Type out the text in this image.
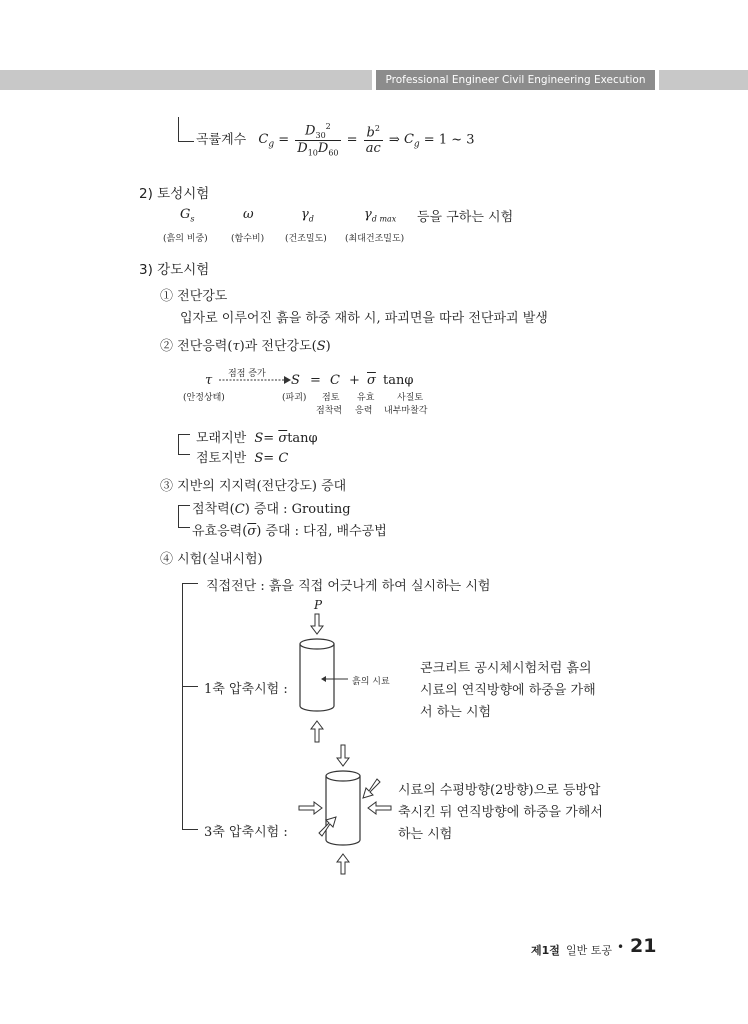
Professional Engineer Civil Engineering Execution
곡률계수 $C_g = \frac{D_{30}^2}{D_{10}D_{60}} = \frac{b^2}{ac}$ ⇒ $C_g = 1$ ~ 3
2) 토성시험
$G_s$	ω	$\gamma_d$	$\gamma_{d max}$ 등을 구하는 시험
(흙의 비중)	(함수비) (건조밀도) (최대건조밀도)
3) 강도시험
① 전단강도
입자로 이루어진 흙을 하중 재하 시, 파괴면을 따라 전단파괴 발생
② 전단응력(τ)과 전단강도(S)
τ 점점 증가 $S = C + \overline{\sigma}$ tanφ
(안정상태)	(파괴) 점토 유효	사질토
점착력 응력 내부마찰각
모래지반 $S= \overline{\sigma}\tan\varphi$
점토지반 S= C
③ 지반의 지지력(전단강도) 증대
점착력(C) 증대 : Grouting
유효응력$(\overline{\sigma})$ 증대 : 다짐, 배수공법
④ 시험(실내시험)
직접전단 : 흙을 직접 어긋나게 하여 실시하는 시험
P
1축 압축시험 :	흙의 시료
콘크리트 공시체시험처럼 흙의
시료의 연직방향에 하중을 가해
서 하는 시험
3축 압축시험 :
시료의 수평방향(2방향)으로 등방압
축시킨 뒤 연직방향에 하중을 가해서
하는 시험
제1절 일반 토공 • 21
